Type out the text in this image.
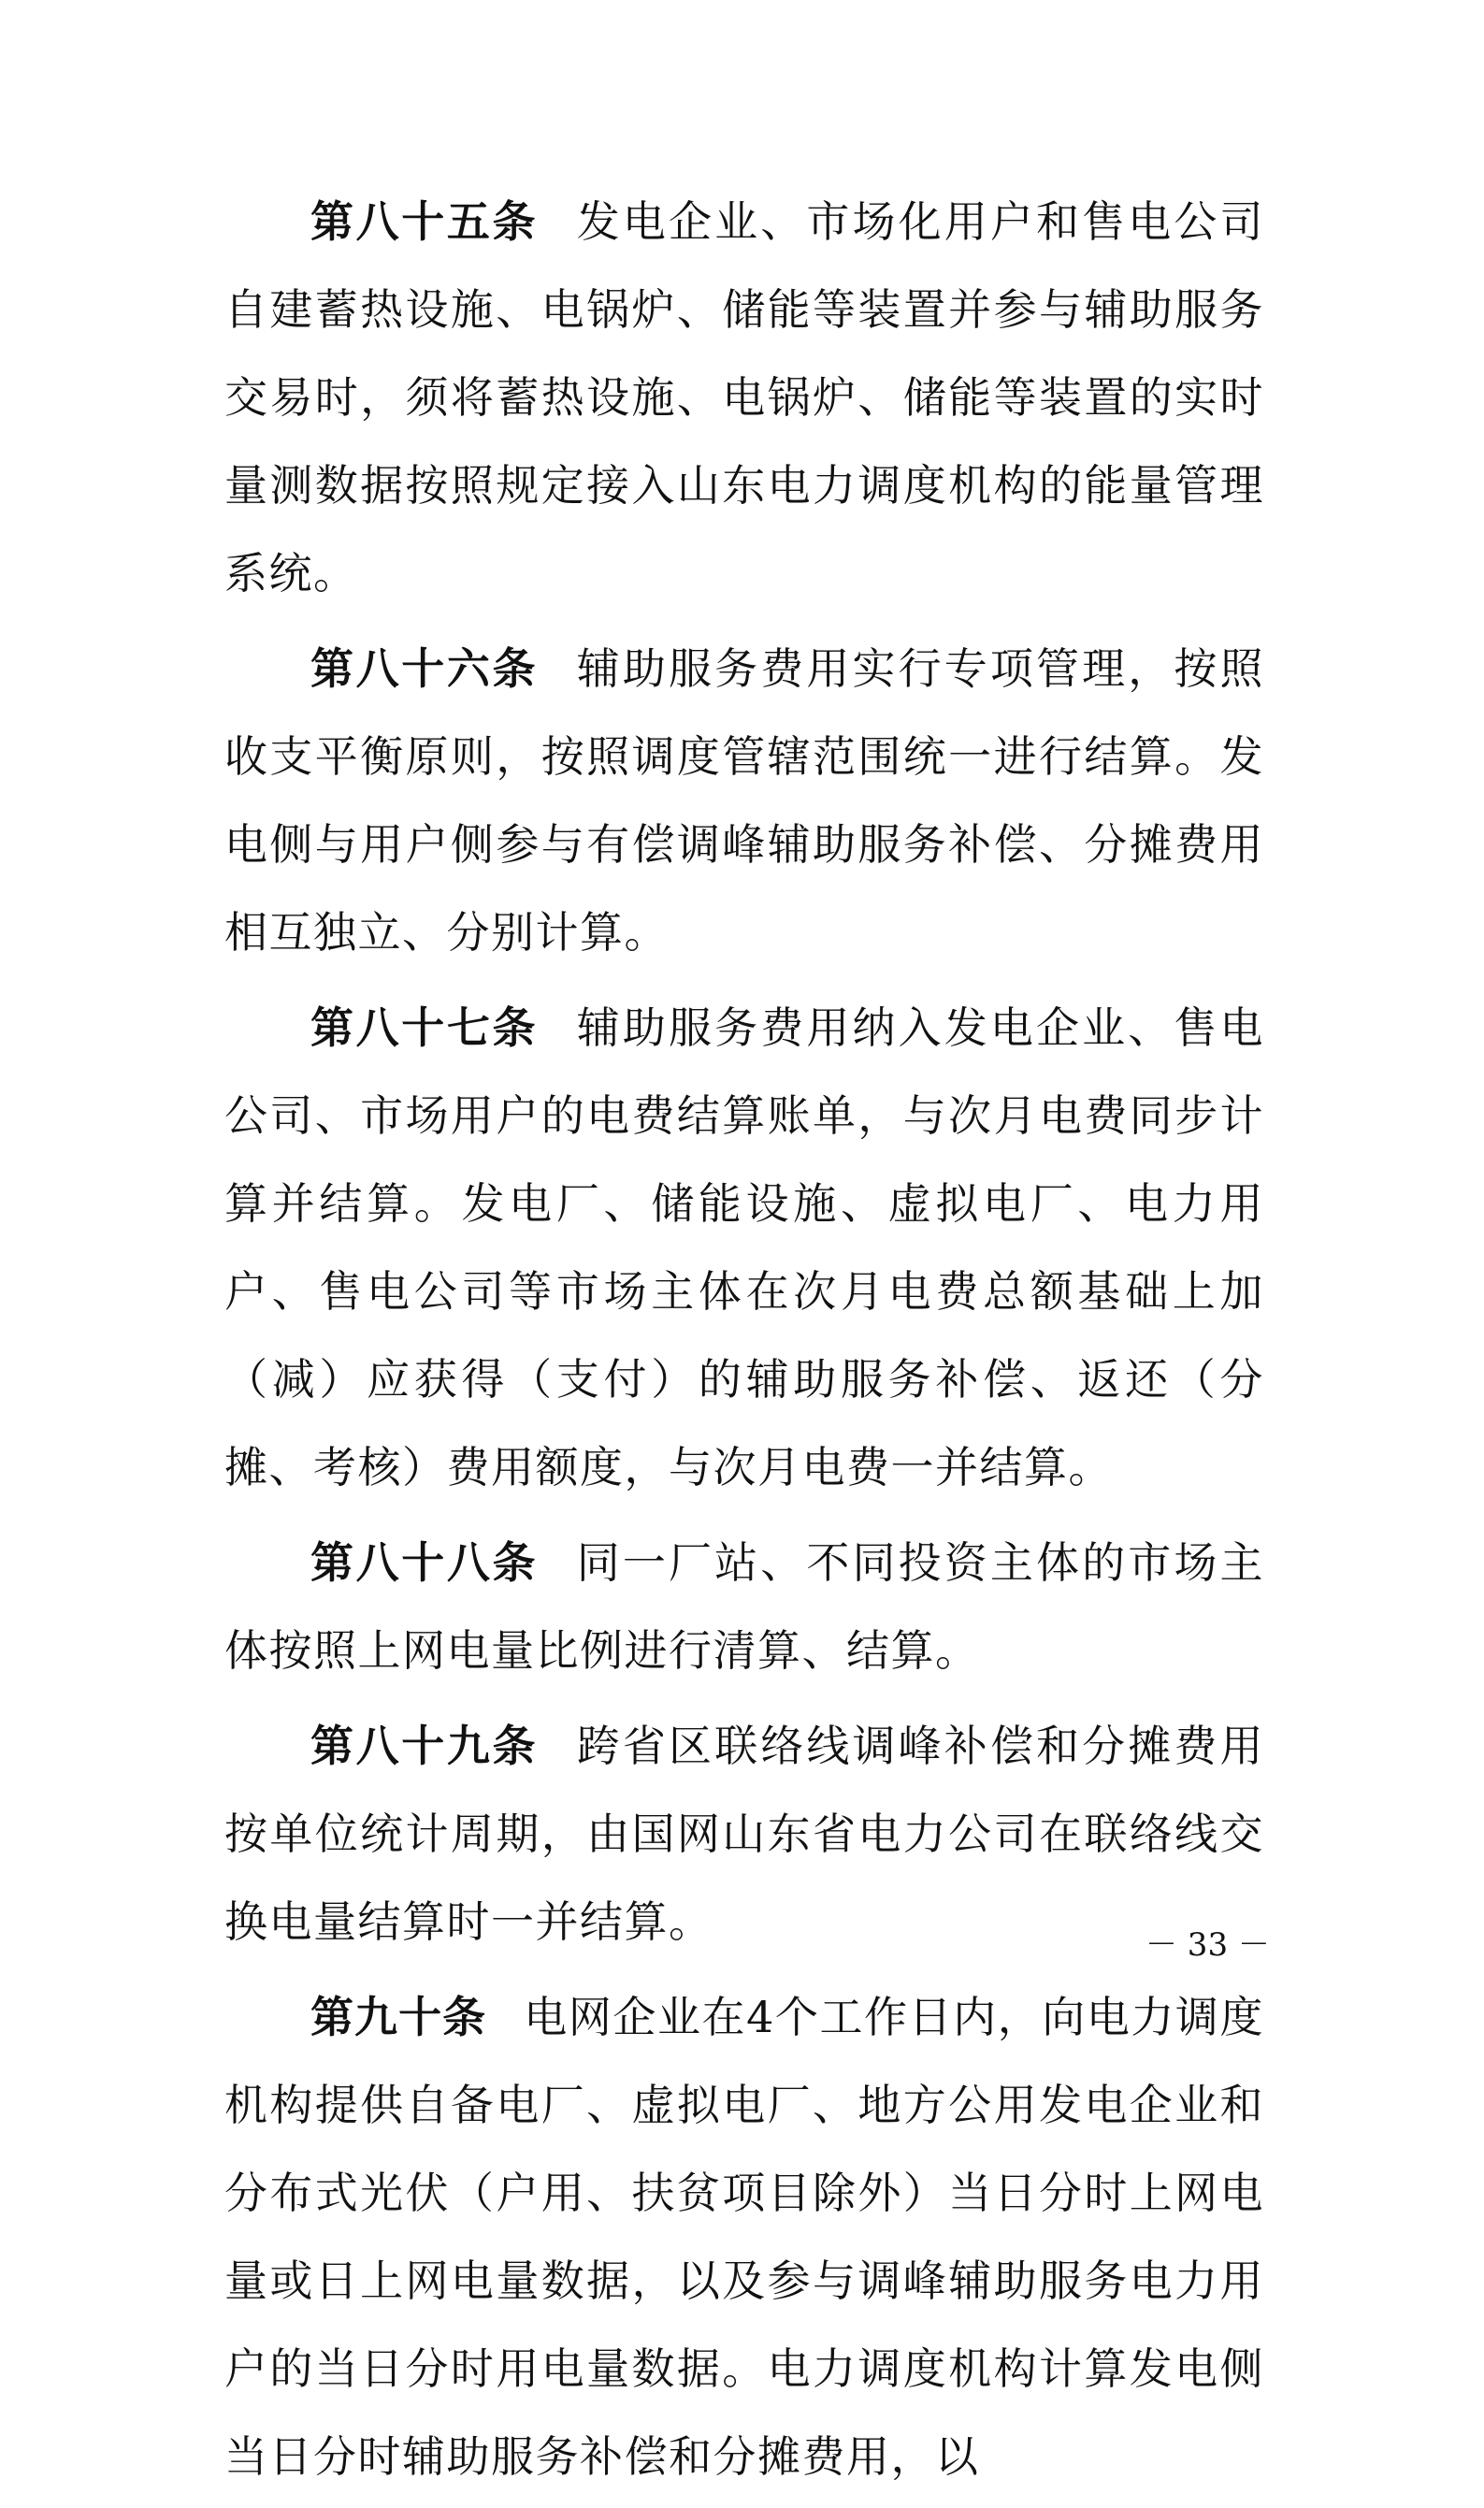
第八十五条 发电企业、市场化用户和售电公司自建蓄热设施、电锅炉、储能等装置并参与辅助服务交易时，须将蓄热设施、电锅炉、储能等装置的实时量测数据按照规定接入山东电力调度机构的能量管理系统。

第八十六条 辅助服务费用实行专项管理，按照收支平衡原则，按照调度管辖范围统一进行结算。发电侧与用户侧参与有偿调峰辅助服务补偿、分摊费用相互独立、分别计算。

第八十七条 辅助服务费用纳入发电企业、售电公司、市场用户的电费结算账单，与次月电费同步计算并结算。发电厂、储能设施、虚拟电厂、电力用户、售电公司等市场主体在次月电费总额基础上加（减）应获得（支付）的辅助服务补偿、返还（分摊、考核）费用额度，与次月电费一并结算。

第八十八条 同一厂站、不同投资主体的市场主体按照上网电量比例进行清算、结算。

第八十九条 跨省区联络线调峰补偿和分摊费用按单位统计周期，由国网山东省电力公司在联络线交换电量结算时一并结算。

第九十条 电网企业在4个工作日内，向电力调度机构提供自备电厂、虚拟电厂、地方公用发电企业和分布式光伏（户用、扶贫项目除外）当日分时上网电量或日上网电量数据，以及参与调峰辅助服务电力用户的当日分时用电量数据。电力调度机构计算发电侧当日分时辅助服务补偿和分摊费用，以

－ 33 －
